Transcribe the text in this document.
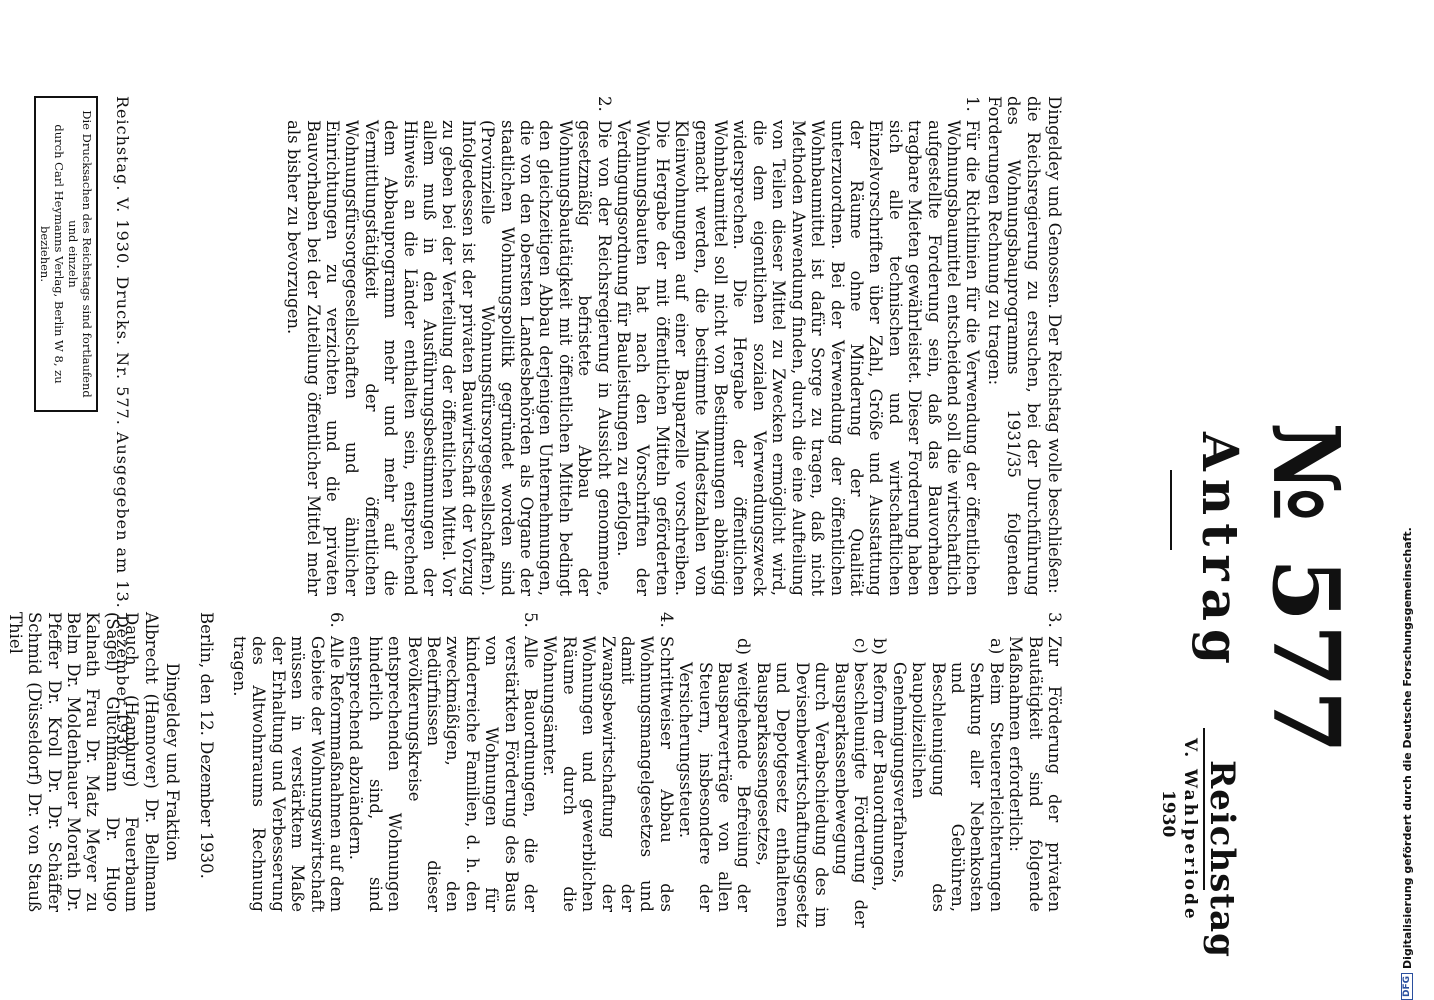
Reichstag
V. Wahlperiode
1930
№ 577
Antrag

Dingeldey und Genossen. Der Reichstag wolle beschließen:

die Reichsregierung zu ersuchen, bei der Durchführung des Wohnungsbauprogramms 1931/35 folgenden Forderungen Rechnung zu tragen:

1.
Für die Richtlinien für die Verwendung der öffentlichen Wohnungsbaumittel entscheidend soll die wirtschaftlich aufgestellte Forderung sein, daß das Bauvorhaben tragbare Mieten gewährleistet. Dieser Forderung haben sich alle technischen und wirtschaftlichen Einzelvorschriften über Zahl, Größe und Ausstattung der Räume ohne Minderung der Qualität unterzuordnen. Bei der Verwendung der öffentlichen Wohnbaumittel ist dafür Sorge zu tragen, daß nicht Methoden Anwendung finden, durch die eine Aufteilung von Teilen dieser Mittel zu Zwecken ermöglicht wird, die dem eigentlichen sozialen Verwendungszweck widersprechen. Die Hergabe der öffentlichen Wohnbaumittel soll nicht von Bestimmungen abhängig gemacht werden, die bestimmte Mindestzahlen von Kleinwohnungen auf einer Bauparzelle vorschreiben. Die Hergabe der mit öffentlichen Mitteln geförderten Wohnungsbauten hat nach den Vorschriften der Verdingungsordnung für Bauleistungen zu erfolgen.
2.
Die von der Reichsregierung in Aussicht genommene, gesetzmäßig befristete Abbau der Wohnungsbautätigkeit mit öffentlichen Mitteln bedingt den gleichzeitigen Abbau derjenigen Unternehmungen, die von den obersten Landesbehörden als Organe der staatlichen Wohnungspolitik gegründet worden sind (Provinzielle Wohnungsfürsorgegesellschaften). Infolgedessen ist der privaten Bauwirtschaft der Vorzug zu geben bei der Verteilung der öffentlichen Mittel. Vor allem muß in den Ausführungsbestimmungen der Hinweis an die Länder enthalten sein, entsprechend dem Abbauprogramm mehr und mehr auf die Vermittlungstätigkeit der öffentlichen Wohnungsfürsorgegesellschaften und ähnlicher Einrichtungen zu verzichten und die privaten Bauvorhaben bei der Zuteilung öffentlicher Mittel mehr als bisher zu bevorzugen.
3.
Zur Förderung der privaten Bautätigkeit sind folgende Maßnahmen erforderlich:
a)
Beim Steuererleichterungen Senkung aller Nebenkosten und Gebühren, Beschleunigung des baupolizeilichen Genehmigungsverfahrens,
b)
Reform der Bauordnungen,
c)
beschleunigte Förderung der Bausparkassenbewegung durch Verabschiedung des im Devisenbewirtschaftungsgesetz und Depotgesetz enthaltenen Bausparkassengesetzes,
d)
weitgehende Befreiung der Bausparverträge von allen Steuern, insbesondere der Versicherungssteuer.
4.
Schrittweiser Abbau des Wohnungsmangelgesetzes und damit der Zwangsbewirtschaftung der Wohnungen und gewerblichen Räume durch die Wohnungsämter.
5.
Alle Bauordnungen, die der verstärkten Förderung des Baus von Wohnungen für kinderreiche Familien, d. h. den zweckmäßigen, den Bedürfnissen dieser Bevölkerungskreise entsprechenden Wohnungen hinderlich sind, sind entsprechend abzuändern.
6.
Alle Reformmaßnahmen auf dem Gebiete der Wohnungswirtschaft müssen in verstärktem Maße der Erhaltung und Verbesserung des Altwohnraums Rechnung tragen.

Berlin, den 12. Dezember 1930.

Dingeldey und Fraktion

Albrecht (Hannover) Dr. Bellmann Dauch (Hamburg) Feuerbaum (Sagel) Glüchmann Dr. Hugo Kalnath Frau Dr. Matz Meyer zu Belm Dr. Moldenhauer Morath Dr. Pfeffer Dr. Kroll Dr. Dr. Schäffer Schmid (Düsseldorf) Dr. von Stauß Thiel	Reichstag. V. 1930. Drucks. Nr. 577. Ausgegeben am 13. Dezember 1930.
Die Drucksachen des Reichstags sind fortlaufend und einzeln
durch Carl Heymanns Verlag, Berlin W 8, zu beziehen.
DFG
Digitalisierung gefördert durch die Deutsche Forschungsgemeinschaft.
